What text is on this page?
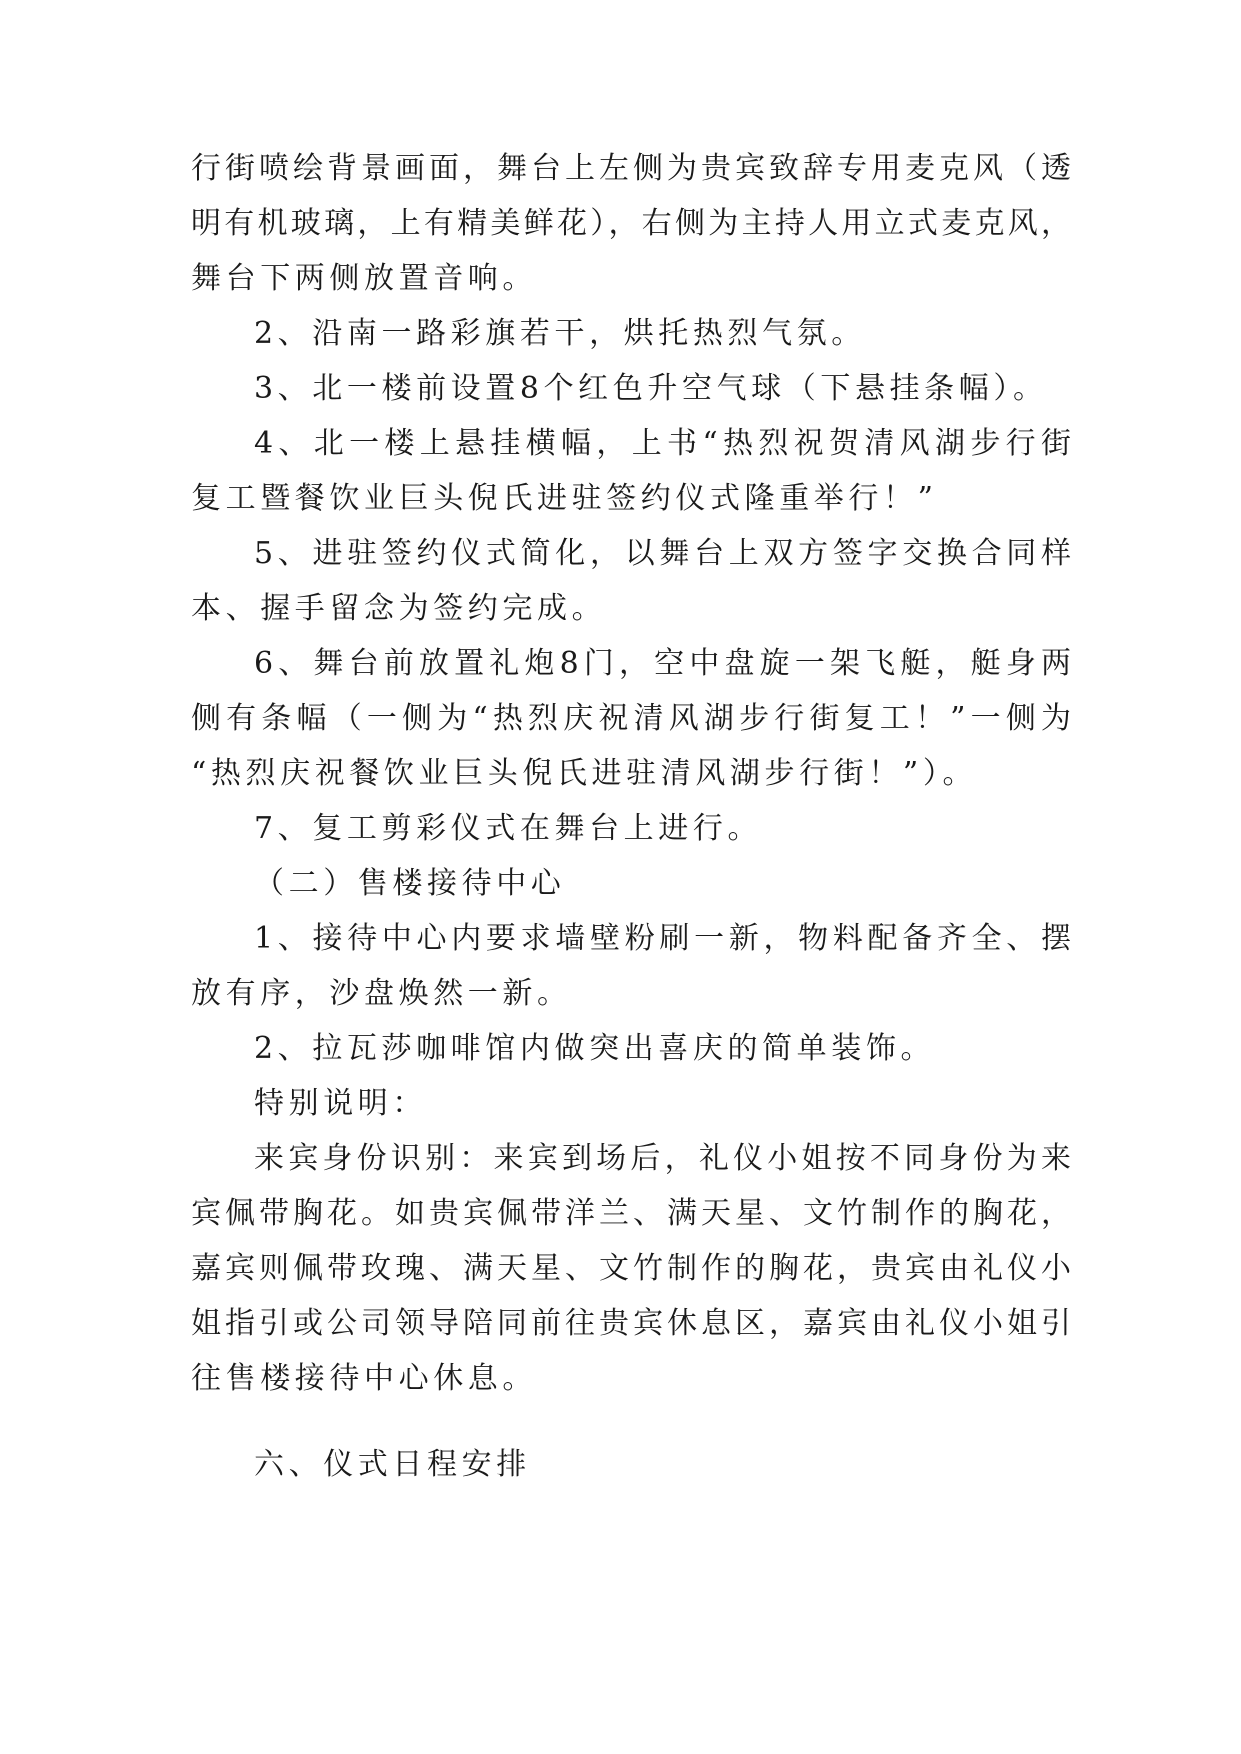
行街喷绘背景画面，舞台上左侧为贵宾致辞专用麦克风（透
明有机玻璃，上有精美鲜花），右侧为主持人用立式麦克风，
舞台下两侧放置音响。
2、沿南一路彩旗若干，烘托热烈气氛。
3、北一楼前设置8个红色升空气球（下悬挂条幅）。
4、北一楼上悬挂横幅，上书“热烈祝贺清风湖步行街
复工暨餐饮业巨头倪氏进驻签约仪式隆重举行！”
5、进驻签约仪式简化，以舞台上双方签字交换合同样
本、握手留念为签约完成。
6、舞台前放置礼炮8门，空中盘旋一架飞艇，艇身两
侧有条幅（一侧为“热烈庆祝清风湖步行街复工！”一侧为
“热烈庆祝餐饮业巨头倪氏进驻清风湖步行街！”）。
7、复工剪彩仪式在舞台上进行。
（二）售楼接待中心
1、接待中心内要求墙壁粉刷一新，物料配备齐全、摆
放有序，沙盘焕然一新。
2、拉瓦莎咖啡馆内做突出喜庆的简单装饰。
特别说明：
来宾身份识别：来宾到场后，礼仪小姐按不同身份为来
宾佩带胸花。如贵宾佩带洋兰、满天星、文竹制作的胸花，
嘉宾则佩带玫瑰、满天星、文竹制作的胸花，贵宾由礼仪小
姐指引或公司领导陪同前往贵宾休息区，嘉宾由礼仪小姐引
往售楼接待中心休息。
六、仪式日程安排
